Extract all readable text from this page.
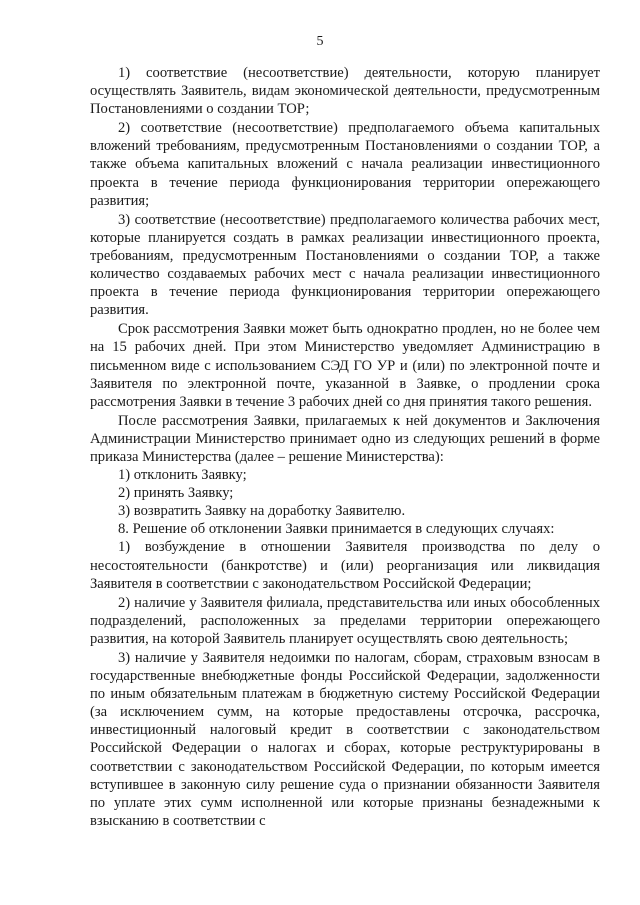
5

1) соответствие (несоответствие) деятельности, которую планирует осуществлять Заявитель, видам экономической деятельности, предусмотренным Постановлениями о создании ТОР;

2) соответствие (несоответствие) предполагаемого объема капитальных вложений требованиям, предусмотренным Постановлениями о создании ТОР, а также объема капитальных вложений с начала реализации инвестиционного проекта в течение периода функционирования территории опережающего развития;

3) соответствие (несоответствие) предполагаемого количества рабочих мест, которые планируется создать в рамках реализации инвестиционного проекта, требованиям, предусмотренным Постановлениями о создании ТОР, а также количество создаваемых рабочих мест с начала реализации инвестиционного проекта в течение периода функционирования территории опережающего развития.

Срок рассмотрения Заявки может быть однократно продлен, но не более чем на 15 рабочих дней. При этом Министерство уведомляет Администрацию в письменном виде с использованием СЭД ГО УР и (или) по электронной почте и Заявителя по электронной почте, указанной в Заявке, о продлении срока рассмотрения Заявки в течение 3 рабочих дней со дня принятия такого решения.

После рассмотрения Заявки, прилагаемых к ней документов и Заключения Администрации Министерство принимает одно из следующих решений в форме приказа Министерства (далее – решение Министерства):

1) отклонить Заявку;

2) принять Заявку;

3) возвратить Заявку на доработку Заявителю.

8. Решение об отклонении Заявки принимается в следующих случаях:

1) возбуждение в отношении Заявителя производства по делу о несостоятельности (банкротстве) и (или) реорганизация или ликвидация Заявителя в соответствии с законодательством Российской Федерации;

2) наличие у Заявителя филиала, представительства или иных обособленных подразделений, расположенных за пределами территории опережающего развития, на которой Заявитель планирует осуществлять свою деятельность;

3) наличие у Заявителя недоимки по налогам, сборам, страховым взносам в государственные внебюджетные фонды Российской Федерации, задолженности по иным обязательным платежам в бюджетную систему Российской Федерации (за исключением сумм, на которые предоставлены отсрочка, рассрочка, инвестиционный налоговый кредит в соответствии с законодательством Российской Федерации о налогах и сборах, которые реструктурированы в соответствии с законодательством Российской Федерации, по которым имеется вступившее в законную силу решение суда о признании обязанности Заявителя по уплате этих сумм исполненной или которые признаны безнадежными к взысканию в соответствии с
